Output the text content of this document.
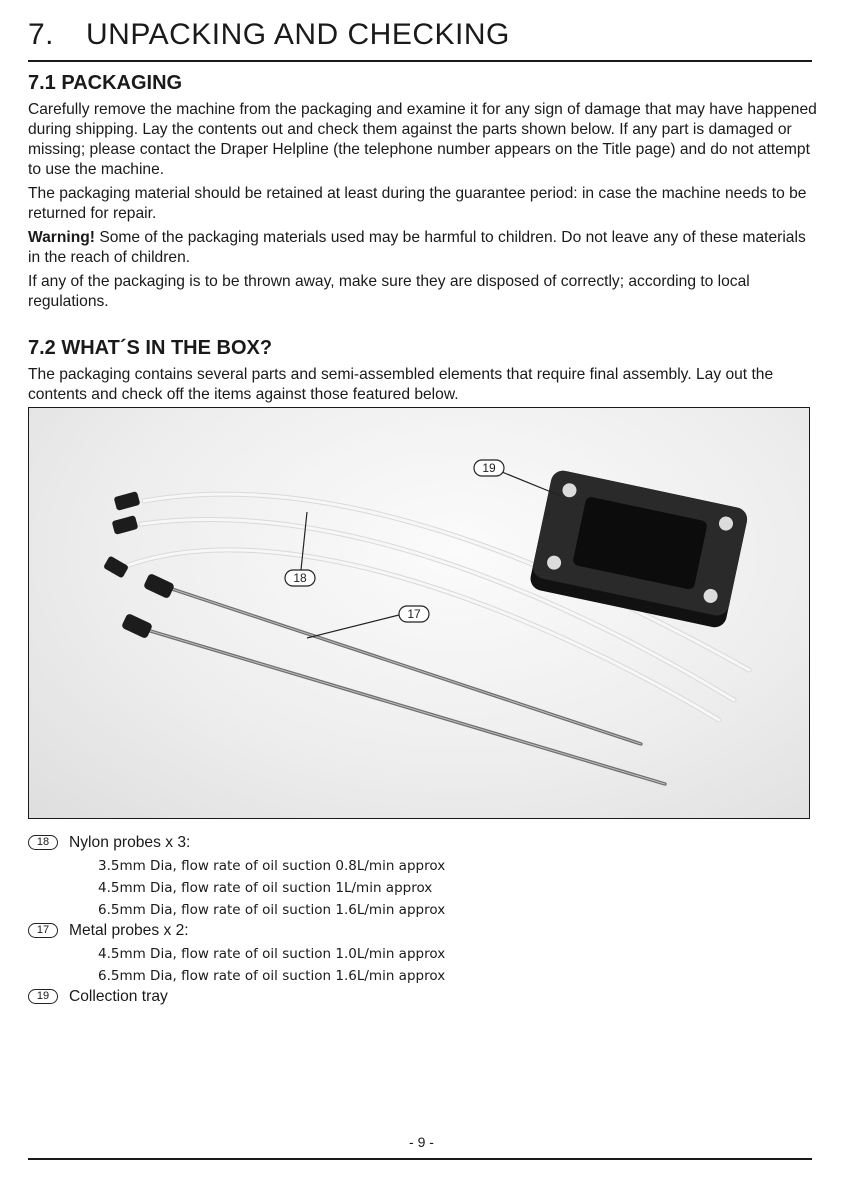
7. UNPACKING AND CHECKING
7.1 PACKAGING

Carefully remove the machine from the packaging and examine it for any sign of damage that may have happened during shipping. Lay the contents out and check them against the parts shown below. If any part is damaged or missing; please contact the Draper Helpline (the telephone number appears on the Title page) and do not attempt to use the machine.

The packaging material should be retained at least during the guarantee period: in case the machine needs to be returned for repair.

Warning! Some of the packaging materials used may be harmful to children. Do not leave any of these materials in the reach of children.

If any of the packaging is to be thrown away, make sure they are disposed of correctly; according to local regulations.

7.2 WHAT´S IN THE BOX?

The packaging contains several parts and semi-assembled elements that require final assembly. Lay out the contents and check off the items against those featured below.

19
18
17
18	Nylon probes x 3:
3.5mm Dia, flow rate of oil suction 0.8L/min approx
4.5mm Dia, flow rate of oil suction 1L/min approx
6.5mm Dia, flow rate of oil suction 1.6L/min approx
17	Metal probes x 2:
4.5mm Dia, flow rate of oil suction 1.0L/min approx
6.5mm Dia, flow rate of oil suction 1.6L/min approx
19	Collection tray
- 9 -
